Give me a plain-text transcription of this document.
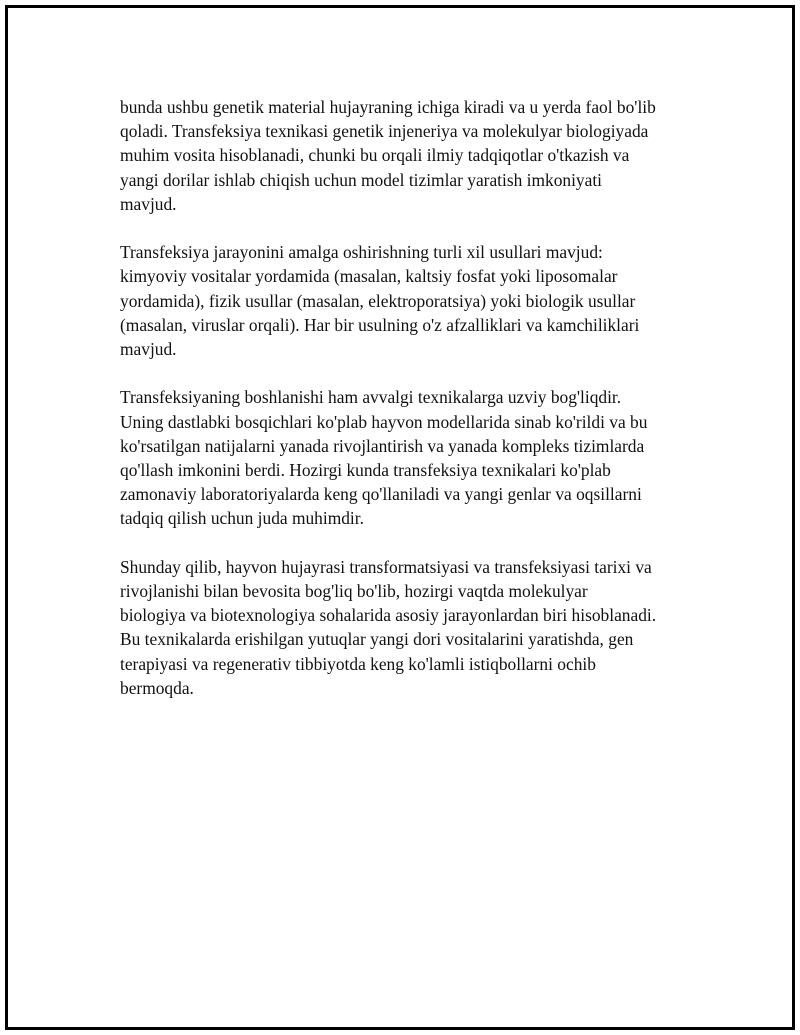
bunda ushbu genetik material hujayraning ichiga kiradi va u yerda faol bo'lib
qoladi. Transfeksiya texnikasi genetik injeneriya va molekulyar biologiyada
muhim vosita hisoblanadi, chunki bu orqali ilmiy tadqiqotlar o'tkazish va
yangi dorilar ishlab chiqish uchun model tizimlar yaratish imkoniyati
mavjud.

Transfeksiya jarayonini amalga oshirishning turli xil usullari mavjud:
kimyoviy vositalar yordamida (masalan, kaltsiy fosfat yoki liposomalar
yordamida), fizik usullar (masalan, elektroporatsiya) yoki biologik usullar
(masalan, viruslar orqali). Har bir usulning o'z afzalliklari va kamchiliklari
mavjud.

Transfeksiyaning boshlanishi ham avvalgi texnikalarga uzviy bog'liqdir.
Uning dastlabki bosqichlari ko'plab hayvon modellarida sinab ko'rildi va bu
ko'rsatilgan natijalarni yanada rivojlantirish va yanada kompleks tizimlarda
qo'llash imkonini berdi. Hozirgi kunda transfeksiya texnikalari ko'plab
zamonaviy laboratoriyalarda keng qo'llaniladi va yangi genlar va oqsillarni
tadqiq qilish uchun juda muhimdir.

Shunday qilib, hayvon hujayrasi transformatsiyasi va transfeksiyasi tarixi va
rivojlanishi bilan bevosita bog'liq bo'lib, hozirgi vaqtda molekulyar
biologiya va biotexnologiya sohalarida asosiy jarayonlardan biri hisoblanadi.
Bu texnikalarda erishilgan yutuqlar yangi dori vositalarini yaratishda, gen
terapiyasi va regenerativ tibbiyotda keng ko'lamli istiqbollarni ochib
bermoqda.
